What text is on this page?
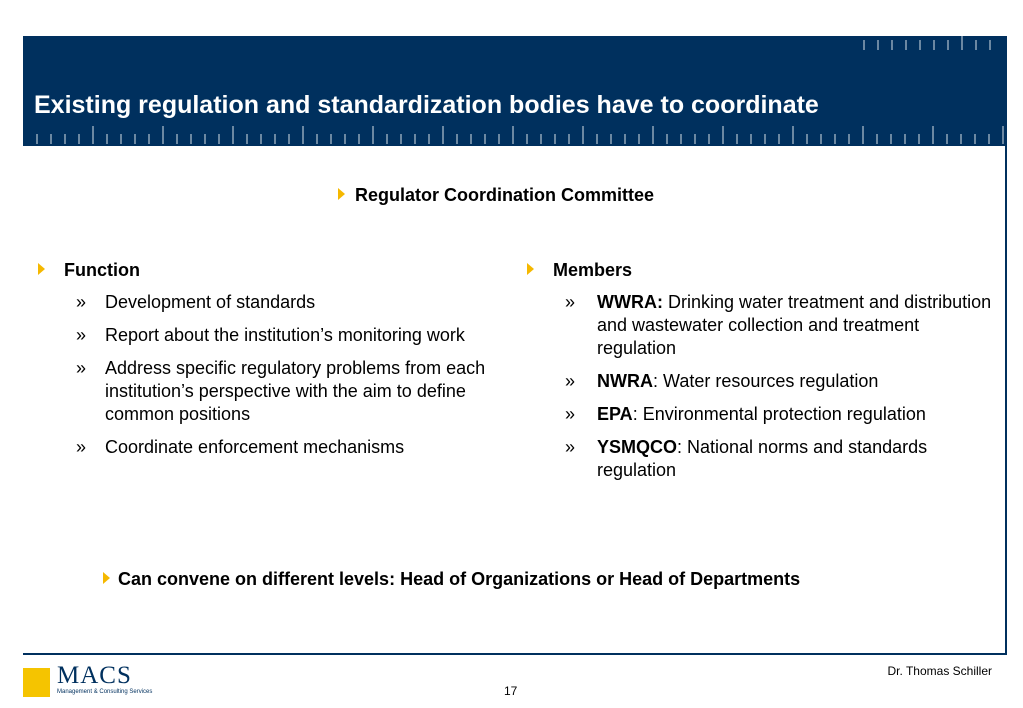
Existing regulation and standardization bodies have to coordinate
Regulator Coordination Committee
Function
» Development of standards
» Report about the institution’s monitoring work
» Address specific regulatory problems from each institution’s perspective with the aim to define common positions
» Coordinate enforcement mechanisms
Members
» WWRA: Drinking water treatment and distribution and wastewater collection and treatment regulation
» NWRA: Water resources regulation
» EPA: Environmental protection regulation
» YSMQCO: National norms and standards regulation
Can convene on different levels: Head of Organizations or Head of Departments
MACS
Management & Consulting Services
Dr. Thomas Schiller
17
